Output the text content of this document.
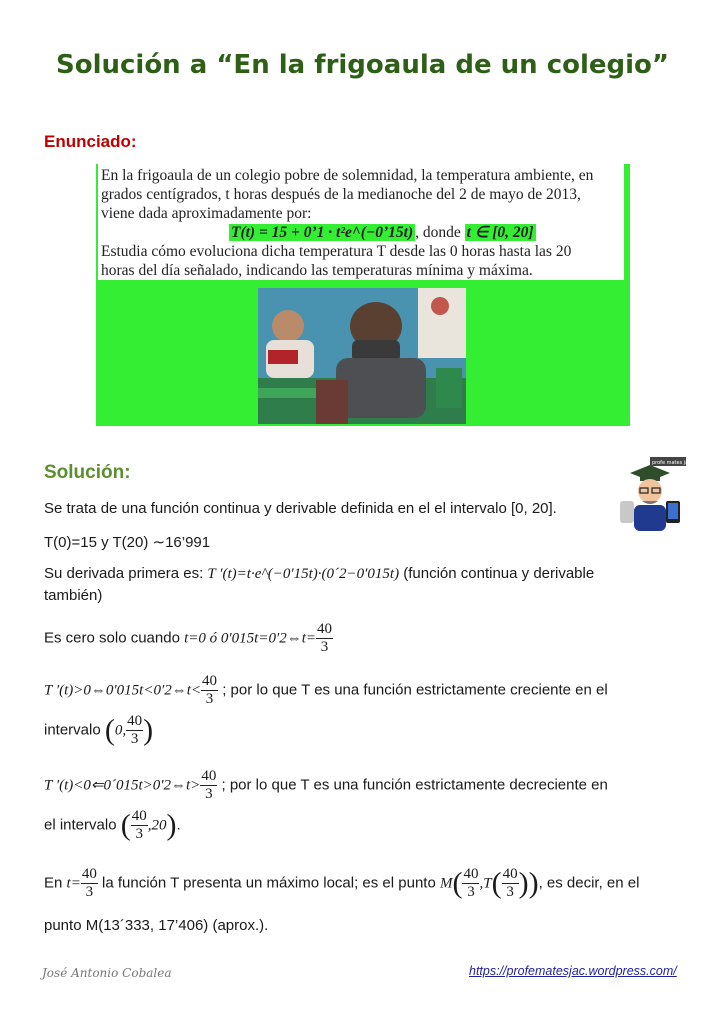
Solución a “En la frigoaula de un colegio”
Enunciado:
En la frigoaula de un colegio pobre de solemnidad, la temperatura ambiente, en
grados centígrados, t horas después de la medianoche del 2 de mayo de 2013,
viene dada aproximadamente por:
T(t) = 15 + 0’1 · t²e^(−0’15t) , donde t ∈ [0, 20]
Estudia cómo evoluciona dicha temperatura T desde las 0 horas hasta las 20
horas del día señalado, indicando las temperaturas mínima y máxima.
Solución:	profe mates jac
Se trata de una función continua y derivable definida en el el intervalo [0, 20].
T(0)=15 y T(20) ∼16’991
Su derivada primera es: T ′(t)=t·e^(−0′15t)·(0´2−0′015t) (función continua y derivable
también)
Es cero solo cuando t=0 ó 0′015t=0′2⇔t= $\frac{40}{3}$
T ′(t)>0⇔0′015t<0′2⇔t< $\frac{40}{3}$ ; por lo que T es una función estrictamente creciente en el
intervalo (0, $\frac{40}{3}$ )
T ′(t)<0⇐0´015t>0′2⇔t> $\frac{40}{3}$ ; por lo que T es una función estrictamente decreciente en
el intervalo ( $\frac{40}{3} ,20$).
En $t= \frac{40}{3}$ la función T presenta un máximo local; es el punto $M( \frac{40}{3} ,T( \frac{40}{3}$ )), es decir, en el
punto M(13´333, 17’406) (aprox.).
José Antonio Cobalea	https://profematesjac.wordpress.com/
